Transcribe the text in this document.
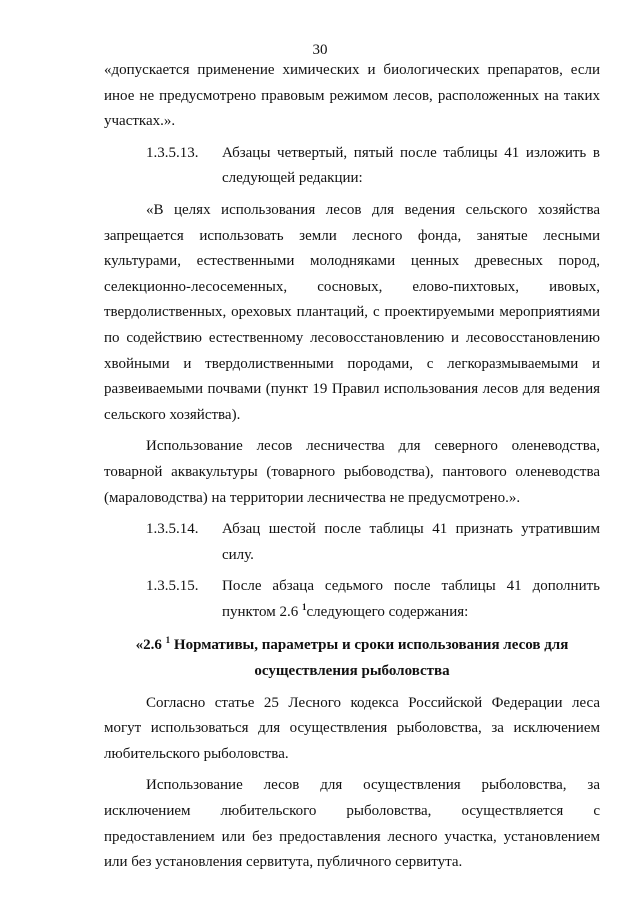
30

«допускается применение химических и биологических препаратов, если иное не предусмотрено правовым режимом лесов, расположенных на таких участках.».

1.3.5.13.	Абзацы четвертый, пятый после таблицы 41 изложить в следующей редакции:

«В целях использования лесов для ведения сельского хозяйства запрещается использовать земли лесного фонда, занятые лесными культурами, естественными молодняками ценных древесных пород, селекционно-лесосеменных, сосновых, елово-пихтовых, ивовых, твердолиственных, ореховых плантаций, с проектируемыми мероприятиями по содействию естественному лесовосстановлению и лесовосстановлению хвойными и твердолиственными породами, с легкоразмываемыми и развеиваемыми почвами (пункт 19 Правил использования лесов для ведения сельского хозяйства).

Использование лесов лесничества для северного оленеводства, товарной аквакультуры (товарного рыбоводства), пантового оленеводства (мараловодства) на территории лесничества не предусмотрено.».

1.3.5.14.	Абзац шестой после таблицы 41 признать утратившим силу.

1.3.5.15.	После абзаца седьмого после таблицы 41 дополнить пунктом 2.6 $^1$следующего содержания:

«2.6 $^1$ Нормативы, параметры и сроки использования лесов для осуществления рыболовства

Согласно статье 25 Лесного кодекса Российской Федерации леса могут использоваться для осуществления рыболовства, за исключением любительского рыболовства.

Использование лесов для осуществления рыболовства, за исключением любительского рыболовства, осуществляется с предоставлением или без предоставления лесного участка, установлением или без установления сервитута, публичного сервитута.
